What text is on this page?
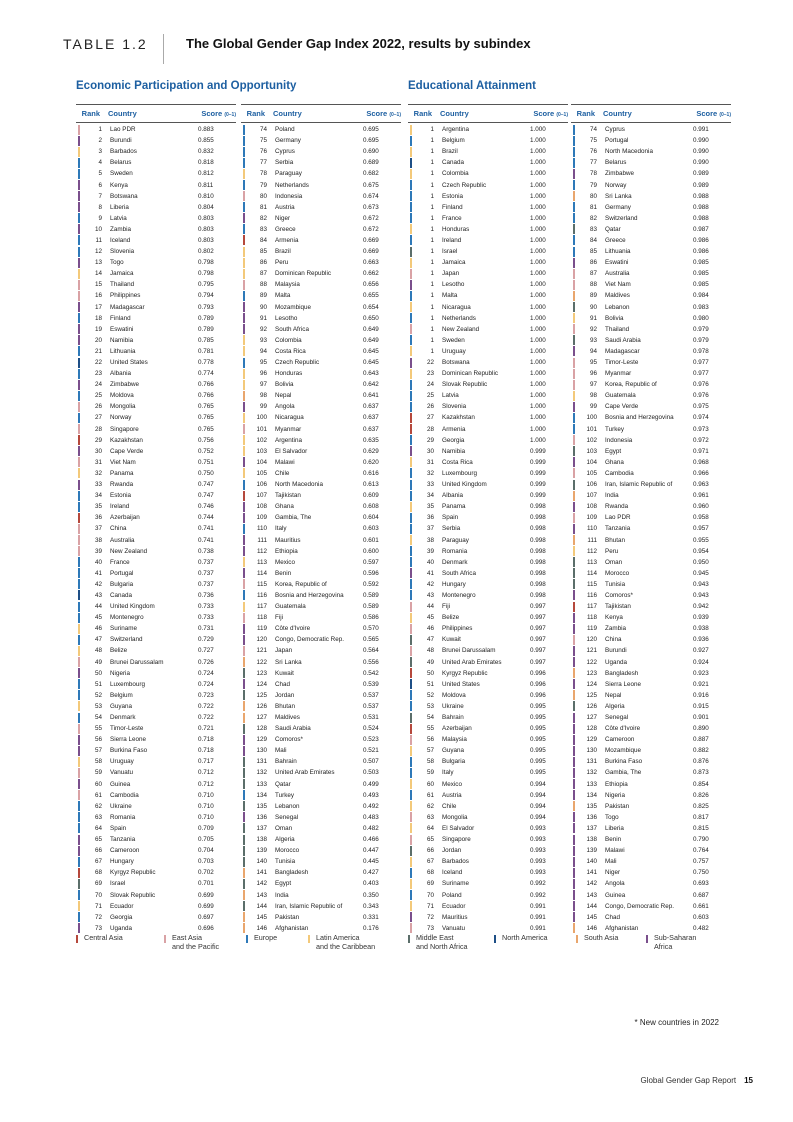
TABLE 1.2	The Global Gender Gap Index 2022, results by subindex
Economic Participation and Opportunity	Educational Attainment
Rank	Country	Score (0–1)
1	Lao PDR	0.883
2	Burundi	0.855
3	Barbados	0.832
4	Belarus	0.818
5	Sweden	0.812
6	Kenya	0.811
7	Botswana	0.810
8	Liberia	0.804
9	Latvia	0.803
10	Zambia	0.803
11	Iceland	0.803
12	Slovenia	0.802
13	Togo	0.798
14	Jamaica	0.798
15	Thailand	0.795
16	Philippines	0.794
17	Madagascar	0.793
18	Finland	0.789
19	Eswatini	0.789
20	Namibia	0.785
21	Lithuania	0.781
22	United States	0.778
23	Albania	0.774
24	Zimbabwe	0.766
25	Moldova	0.766
26	Mongolia	0.765
27	Norway	0.765
28	Singapore	0.765
29	Kazakhstan	0.756
30	Cape Verde	0.752
31	Viet Nam	0.751
32	Panama	0.750
33	Rwanda	0.747
34	Estonia	0.747
35	Ireland	0.746
36	Azerbaijan	0.744
37	China	0.741
38	Australia	0.741
39	New Zealand	0.738
40	France	0.737
41	Portugal	0.737
42	Bulgaria	0.737
43	Canada	0.736
44	United Kingdom	0.733
45	Montenegro	0.733
46	Suriname	0.731
47	Switzerland	0.729
48	Belize	0.727
49	Brunei Darussalam	0.726
50	Nigeria	0.724
51	Luxembourg	0.724
52	Belgium	0.723
53	Guyana	0.722
54	Denmark	0.722
55	Timor-Leste	0.721
56	Sierra Leone	0.718
57	Burkina Faso	0.718
58	Uruguay	0.717
59	Vanuatu	0.712
60	Guinea	0.712
61	Cambodia	0.710
62	Ukraine	0.710
63	Romania	0.710
64	Spain	0.709
65	Tanzania	0.705
66	Cameroon	0.704
67	Hungary	0.703
68	Kyrgyz Republic	0.702
69	Israel	0.701
70	Slovak Republic	0.699
71	Ecuador	0.699
72	Georgia	0.697
73	Uganda	0.696
Rank	Country	Score (0–1)
74	Poland	0.695
75	Germany	0.695
76	Cyprus	0.690
77	Serbia	0.689
78	Paraguay	0.682
79	Netherlands	0.675
80	Indonesia	0.674
81	Austria	0.673
82	Niger	0.672
83	Greece	0.672
84	Armenia	0.669
85	Brazil	0.669
86	Peru	0.663
87	Dominican Republic	0.662
88	Malaysia	0.656
89	Malta	0.655
90	Mozambique	0.654
91	Lesotho	0.650
92	South Africa	0.649
93	Colombia	0.649
94	Costa Rica	0.645
95	Czech Republic	0.645
96	Honduras	0.643
97	Bolivia	0.642
98	Nepal	0.641
99	Angola	0.637
100	Nicaragua	0.637
101	Myanmar	0.637
102	Argentina	0.635
103	El Salvador	0.629
104	Malawi	0.620
105	Chile	0.616
106	North Macedonia	0.613
107	Tajikistan	0.609
108	Ghana	0.608
109	Gambia, The	0.604
110	Italy	0.603
111	Mauritius	0.601
112	Ethiopia	0.600
113	Mexico	0.597
114	Benin	0.596
115	Korea, Republic of	0.592
116	Bosnia and Herzegovina	0.589
117	Guatemala	0.589
118	Fiji	0.586
119	Côte d'Ivoire	0.570
120	Congo, Democratic Rep.	0.565
121	Japan	0.564
122	Sri Lanka	0.556
123	Kuwait	0.542
124	Chad	0.539
125	Jordan	0.537
126	Bhutan	0.537
127	Maldives	0.531
128	Saudi Arabia	0.524
129	Comoros*	0.523
130	Mali	0.521
131	Bahrain	0.507
132	United Arab Emirates	0.503
133	Qatar	0.499
134	Turkey	0.493
135	Lebanon	0.492
136	Senegal	0.483
137	Oman	0.482
138	Algeria	0.466
139	Morocco	0.447
140	Tunisia	0.445
141	Bangladesh	0.427
142	Egypt	0.403
143	India	0.350
144	Iran, Islamic Republic of	0.343
145	Pakistan	0.331
146	Afghanistan	0.176
Rank	Country	Score (0–1)
1	Argentina	1.000
1	Belgium	1.000
1	Brazil	1.000
1	Canada	1.000
1	Colombia	1.000
1	Czech Republic	1.000
1	Estonia	1.000
1	Finland	1.000
1	France	1.000
1	Honduras	1.000
1	Ireland	1.000
1	Israel	1.000
1	Jamaica	1.000
1	Japan	1.000
1	Lesotho	1.000
1	Malta	1.000
1	Nicaragua	1.000
1	Netherlands	1.000
1	New Zealand	1.000
1	Sweden	1.000
1	Uruguay	1.000
22	Botswana	1.000
23	Dominican Republic	1.000
24	Slovak Republic	1.000
25	Latvia	1.000
26	Slovenia	1.000
27	Kazakhstan	1.000
28	Armenia	1.000
29	Georgia	1.000
30	Namibia	0.999
31	Costa Rica	0.999
32	Luxembourg	0.999
33	United Kingdom	0.999
34	Albania	0.999
35	Panama	0.998
36	Spain	0.998
37	Serbia	0.998
38	Paraguay	0.998
39	Romania	0.998
40	Denmark	0.998
41	South Africa	0.998
42	Hungary	0.998
43	Montenegro	0.998
44	Fiji	0.997
45	Belize	0.997
46	Philippines	0.997
47	Kuwait	0.997
48	Brunei Darussalam	0.997
49	United Arab Emirates	0.997
50	Kyrgyz Republic	0.996
51	United States	0.996
52	Moldova	0.996
53	Ukraine	0.995
54	Bahrain	0.995
55	Azerbaijan	0.995
56	Malaysia	0.995
57	Guyana	0.995
58	Bulgaria	0.995
59	Italy	0.995
60	Mexico	0.994
61	Austria	0.994
62	Chile	0.994
63	Mongolia	0.994
64	El Salvador	0.993
65	Singapore	0.993
66	Jordan	0.993
67	Barbados	0.993
68	Iceland	0.993
69	Suriname	0.992
70	Poland	0.992
71	Ecuador	0.991
72	Mauritius	0.991
73	Vanuatu	0.991
Rank	Country	Score (0–1)
74	Cyprus	0.991
75	Portugal	0.990
76	North Macedonia	0.990
77	Belarus	0.990
78	Zimbabwe	0.989
79	Norway	0.989
80	Sri Lanka	0.988
81	Germany	0.988
82	Switzerland	0.988
83	Qatar	0.987
84	Greece	0.986
85	Lithuania	0.986
86	Eswatini	0.985
87	Australia	0.985
88	Viet Nam	0.985
89	Maldives	0.984
90	Lebanon	0.983
91	Bolivia	0.980
92	Thailand	0.979
93	Saudi Arabia	0.979
94	Madagascar	0.978
95	Timor-Leste	0.977
96	Myanmar	0.977
97	Korea, Republic of	0.976
98	Guatemala	0.976
99	Cape Verde	0.975
100	Bosnia and Herzegovina	0.974
101	Turkey	0.973
102	Indonesia	0.972
103	Egypt	0.971
104	Ghana	0.968
105	Cambodia	0.966
106	Iran, Islamic Republic of	0.963
107	India	0.961
108	Rwanda	0.960
109	Lao PDR	0.958
110	Tanzania	0.957
111	Bhutan	0.955
112	Peru	0.954
113	Oman	0.950
114	Morocco	0.945
115	Tunisia	0.943
116	Comoros*	0.943
117	Tajikistan	0.942
118	Kenya	0.939
119	Zambia	0.938
120	China	0.936
121	Burundi	0.927
122	Uganda	0.924
123	Bangladesh	0.923
124	Sierra Leone	0.921
125	Nepal	0.916
126	Algeria	0.915
127	Senegal	0.901
128	Côte d'Ivoire	0.890
129	Cameroon	0.887
130	Mozambique	0.882
131	Burkina Faso	0.876
132	Gambia, The	0.873
133	Ethiopia	0.854
134	Nigeria	0.826
135	Pakistan	0.825
136	Togo	0.817
137	Liberia	0.815
138	Benin	0.790
139	Malawi	0.764
140	Mali	0.757
141	Niger	0.750
142	Angola	0.693
143	Guinea	0.687
144	Congo, Democratic Rep.	0.661
145	Chad	0.603
146	Afghanistan	0.482
Central Asia	East Asia
and the Pacific
Europe	Latin America
and the Caribbean
Middle East
and North Africa
North America	South Asia	Sub-Saharan
Africa
* New countries in 2022
Global Gender Gap Report 15
